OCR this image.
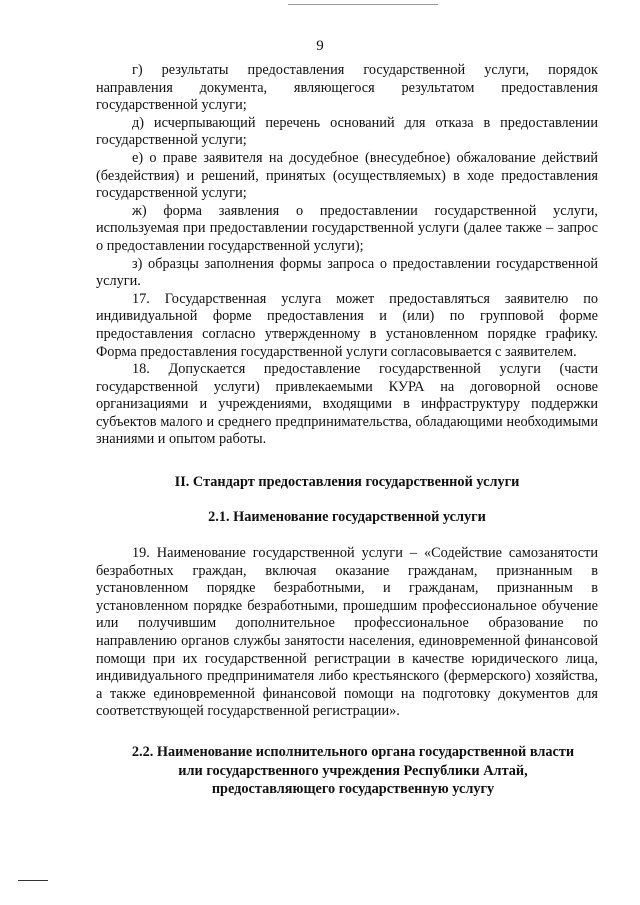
9

г) результаты предоставления государственной услуги, порядок направления документа, являющегося результатом предоставления государственной услуги;

д) исчерпывающий перечень оснований для отказа в предоставлении государственной услуги;

е) о праве заявителя на досудебное (внесудебное) обжалование действий (бездействия) и решений, принятых (осуществляемых) в ходе предоставления государственной услуги;

ж) форма заявления о предоставлении государственной услуги, используемая при предоставлении государственной услуги (далее также – запрос о предоставлении государственной услуги);

з) образцы заполнения формы запроса о предоставлении государственной услуги.

17. Государственная услуга может предоставляться заявителю по индивидуальной форме предоставления и (или) по групповой форме предоставления согласно утвержденному в установленном порядке графику. Форма предоставления государственной услуги согласовывается с заявителем.

18. Допускается предоставление государственной услуги (части государственной услуги) привлекаемыми КУРА на договорной основе организациями и учреждениями, входящими в инфраструктуру поддержки субъектов малого и среднего предпринимательства, обладающими необходимыми знаниями и опытом работы.

II. Стандарт предоставления государственной услуги
2.1. Наименование государственной услуги

19. Наименование государственной услуги – «Содействие самозанятости безработных граждан, включая оказание гражданам, признанным в установленном порядке безработными, и гражданам, признанным в установленном порядке безработными, прошедшим профессиональное обучение или получившим дополнительное профессиональное образование по направлению органов службы занятости населения, единовременной финансовой помощи при их государственной регистрации в качестве юридического лица, индивидуального предпринимателя либо крестьянского (фермерского) хозяйства, а также единовременной финансовой помощи на подготовку документов для соответствующей государственной регистрации».

2.2. Наименование исполнительного органа государственной власти или государственного учреждения Республики Алтай, предоставляющего государственную услугу
